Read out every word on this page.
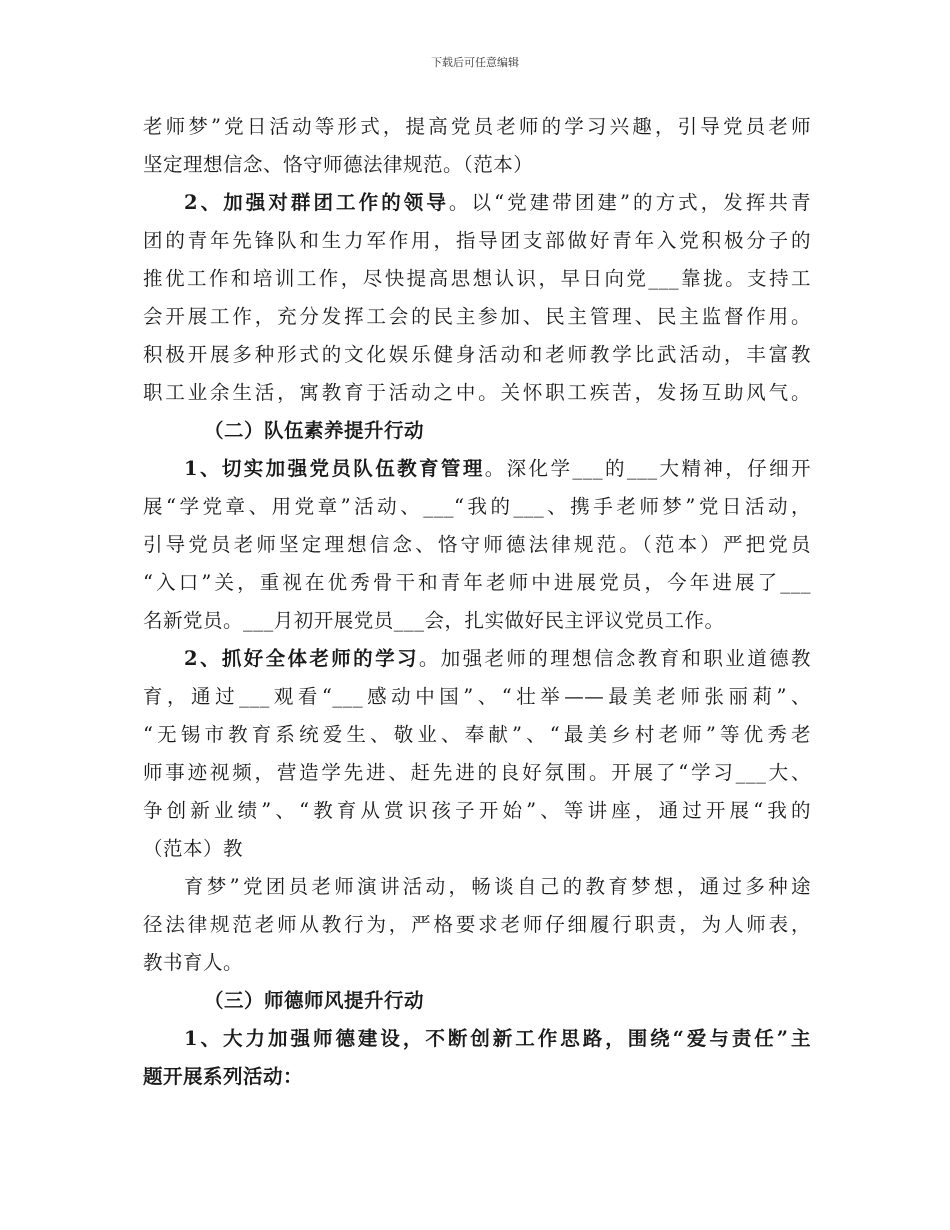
下载后可任意编辑
老师梦”党日活动等形式，提高党员老师的学习兴趣，引导党员老师
坚定理想信念、恪守师德法律规范。（范本）
2、加强对群团工作的领导。以“党建带团建”的方式，发挥共青
团的青年先锋队和生力军作用，指导团支部做好青年入党积极分子的
推优工作和培训工作，尽快提高思想认识，早日向党___靠拢。支持工
会开展工作，充分发挥工会的民主参加、民主管理、民主监督作用。
积极开展多种形式的文化娱乐健身活动和老师教学比武活动，丰富教
职工业余生活，寓教育于活动之中。关怀职工疾苦，发扬互助风气。
（二）队伍素养提升行动
1、切实加强党员队伍教育管理。深化学___的___大精神，仔细开
展“学党章、用党章”活动、___“我的___、携手老师梦”党日活动，
引导党员老师坚定理想信念、恪守师德法律规范。（范本）严把党员
“入口”关，重视在优秀骨干和青年老师中进展党员，今年进展了___
名新党员。___月初开展党员___会，扎实做好民主评议党员工作。
2、抓好全体老师的学习。加强老师的理想信念教育和职业道德教
育，通过___观看“___感动中国”、“壮举——最美老师张丽莉”、
“无锡市教育系统爱生、敬业、奉献”、“最美乡村老师”等优秀老
师事迹视频，营造学先进、赶先进的良好氛围。开展了“学习___大、
争创新业绩”、“教育从赏识孩子开始”、等讲座，通过开展“我的
（范本）教
育梦”党团员老师演讲活动，畅谈自己的教育梦想，通过多种途
径法律规范老师从教行为，严格要求老师仔细履行职责，为人师表，
教书育人。
（三）师德师风提升行动
1、大力加强师德建设，不断创新工作思路，围绕“爱与责任”主
题开展系列活动：
